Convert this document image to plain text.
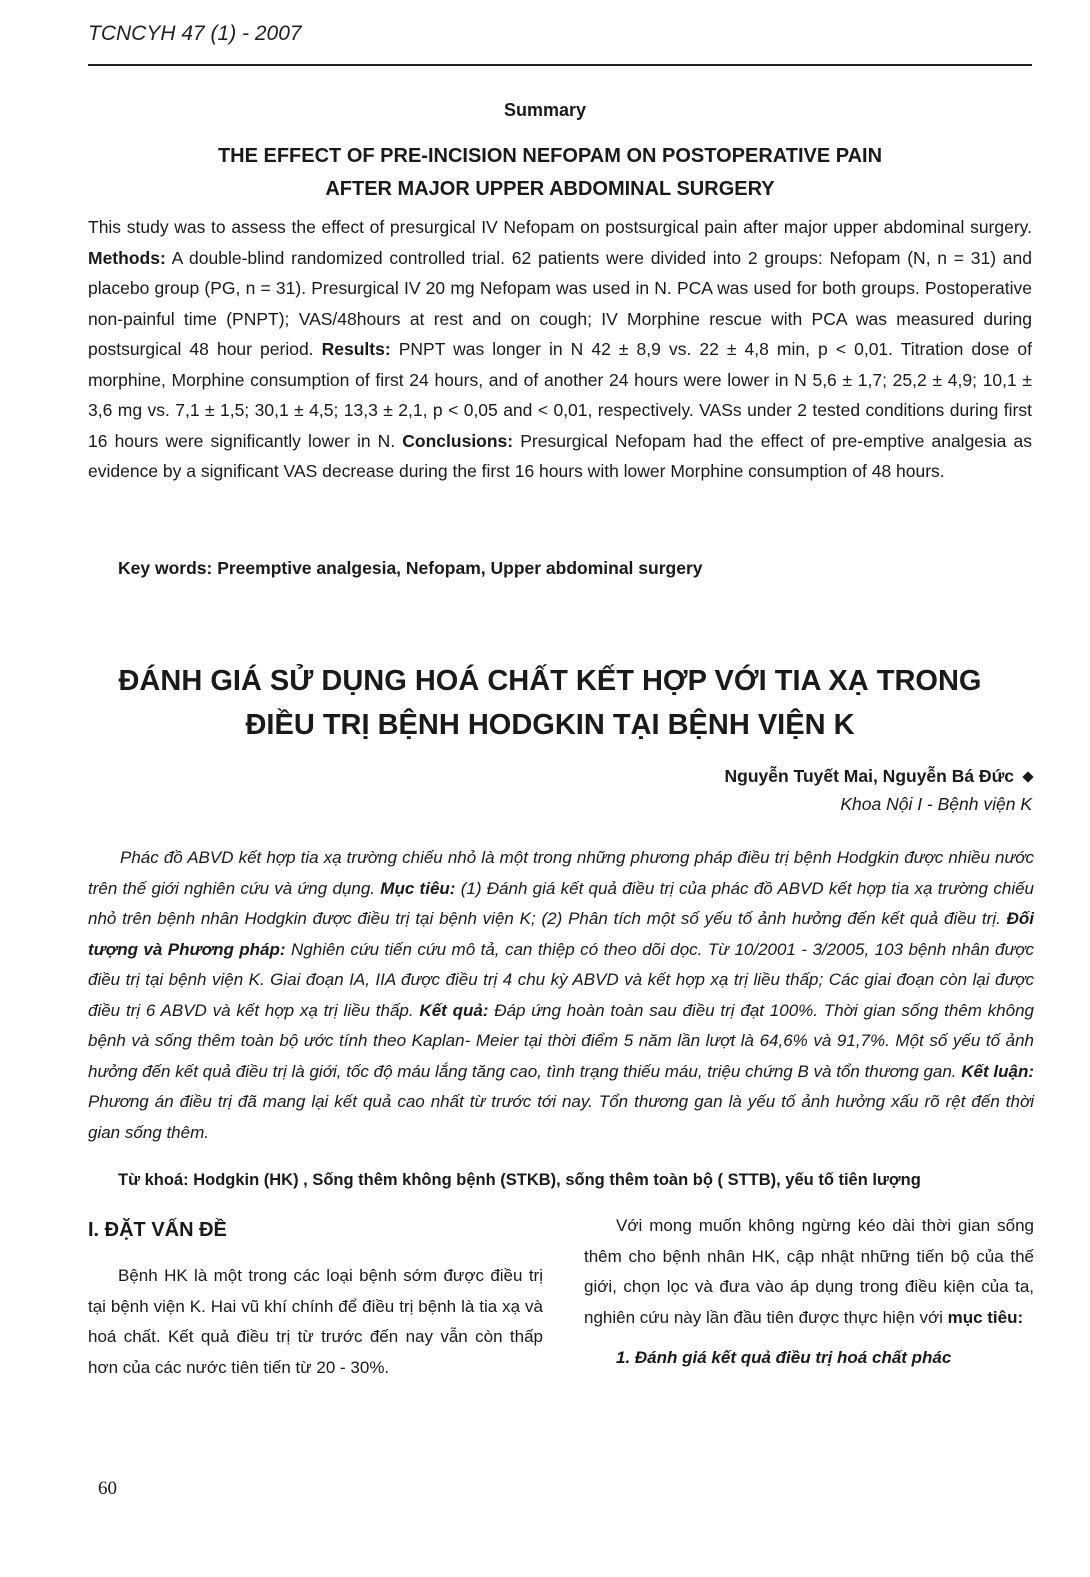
TCNCYH 47 (1) - 2007
Summary
THE EFFECT OF PRE-INCISION NEFOPAM ON POSTOPERATIVE PAIN
AFTER MAJOR UPPER ABDOMINAL SURGERY
This study was to assess the effect of presurgical IV Nefopam on postsurgical pain after major upper abdominal surgery. Methods: A double-blind randomized controlled trial. 62 patients were divided into 2 groups: Nefopam (N, n = 31) and placebo group (PG, n = 31). Presurgical IV 20 mg Nefopam was used in N. PCA was used for both groups. Postoperative non-painful time (PNPT); VAS/48hours at rest and on cough; IV Morphine rescue with PCA was measured during postsurgical 48 hour period. Results: PNPT was longer in N 42 ± 8,9 vs. 22 ± 4,8 min, p < 0,01. Titration dose of morphine, Morphine consumption of first 24 hours, and of another 24 hours were lower in N 5,6 ± 1,7; 25,2 ± 4,9; 10,1 ± 3,6 mg vs. 7,1 ± 1,5; 30,1 ± 4,5; 13,3 ± 2,1, p < 0,05 and < 0,01, respectively. VASs under 2 tested conditions during first 16 hours were significantly lower in N. Conclusions: Presurgical Nefopam had the effect of pre-emptive analgesia as evidence by a significant VAS decrease during the first 16 hours with lower Morphine consumption of 48 hours.
Key words: Preemptive analgesia, Nefopam, Upper abdominal surgery
ĐÁNH GIÁ SỬ DỤNG HOÁ CHẤT KẾT HỢP VỚI TIA XẠ TRONG
ĐIỀU TRỊ BỆNH HODGKIN TẠI BỆNH VIỆN K
Nguyễn Tuyết Mai, Nguyễn Bá Đức
Khoa Nội I - Bệnh viện K
Phác đồ ABVD kết hợp tia xạ trường chiếu nhỏ là một trong những phương pháp điều trị bệnh Hodgkin được nhiều nước trên thế giới nghiên cứu và ứng dụng. Mục tiêu: (1) Đánh giá kết quả điều trị của phác đồ ABVD kết hợp tia xạ trường chiếu nhỏ trên bệnh nhân Hodgkin được điều trị tại bệnh viện K; (2) Phân tích một số yếu tố ảnh hưởng đến kết quả điều trị. Đối tượng và Phương pháp: Nghiên cứu tiến cứu mô tả, can thiệp có theo dõi dọc. Từ 10/2001 - 3/2005, 103 bệnh nhân được điều trị tại bệnh viện K. Giai đoạn IA, IIA được điều trị 4 chu kỳ ABVD và kết hợp xạ trị liều thấp; Các giai đoạn còn lại được điều trị 6 ABVD và kết hợp xạ trị liều thấp. Kết quả: Đáp ứng hoàn toàn sau điều trị đạt 100%. Thời gian sống thêm không bệnh và sống thêm toàn bộ ước tính theo Kaplan- Meier tại thời điểm 5 năm lần lượt là 64,6% và 91,7%. Một số yếu tố ảnh hưởng đến kết quả điều trị là giới, tốc độ máu lắng tăng cao, tình trạng thiếu máu, triệu chứng B và tổn thương gan. Kết luận: Phương án điều trị đã mang lại kết quả cao nhất từ trước tới nay. Tổn thương gan là yếu tố ảnh hưởng xấu rõ rệt đến thời gian sống thêm.
Từ khoá: Hodgkin (HK) , Sống thêm không bệnh (STKB), sống thêm toàn bộ ( STTB), yếu tố tiên lượng
I. ĐẶT VẤN ĐỀ
Bệnh HK là một trong các loại bệnh sớm được điều trị tại bệnh viện K. Hai vũ khí chính để điều trị bệnh là tia xạ và hoá chất. Kết quả điều trị từ trước đến nay vẫn còn thấp hơn của các nước tiên tiến từ 20 - 30%.

Với mong muốn không ngừng kéo dài thời gian sống thêm cho bệnh nhân HK, cập nhật những tiến bộ của thế giới, chọn lọc và đưa vào áp dụng trong điều kiện của ta, nghiên cứu này lần đầu tiên được thực hiện với mục tiêu:

1. Đánh giá kết quả điều trị hoá chất phác

60
